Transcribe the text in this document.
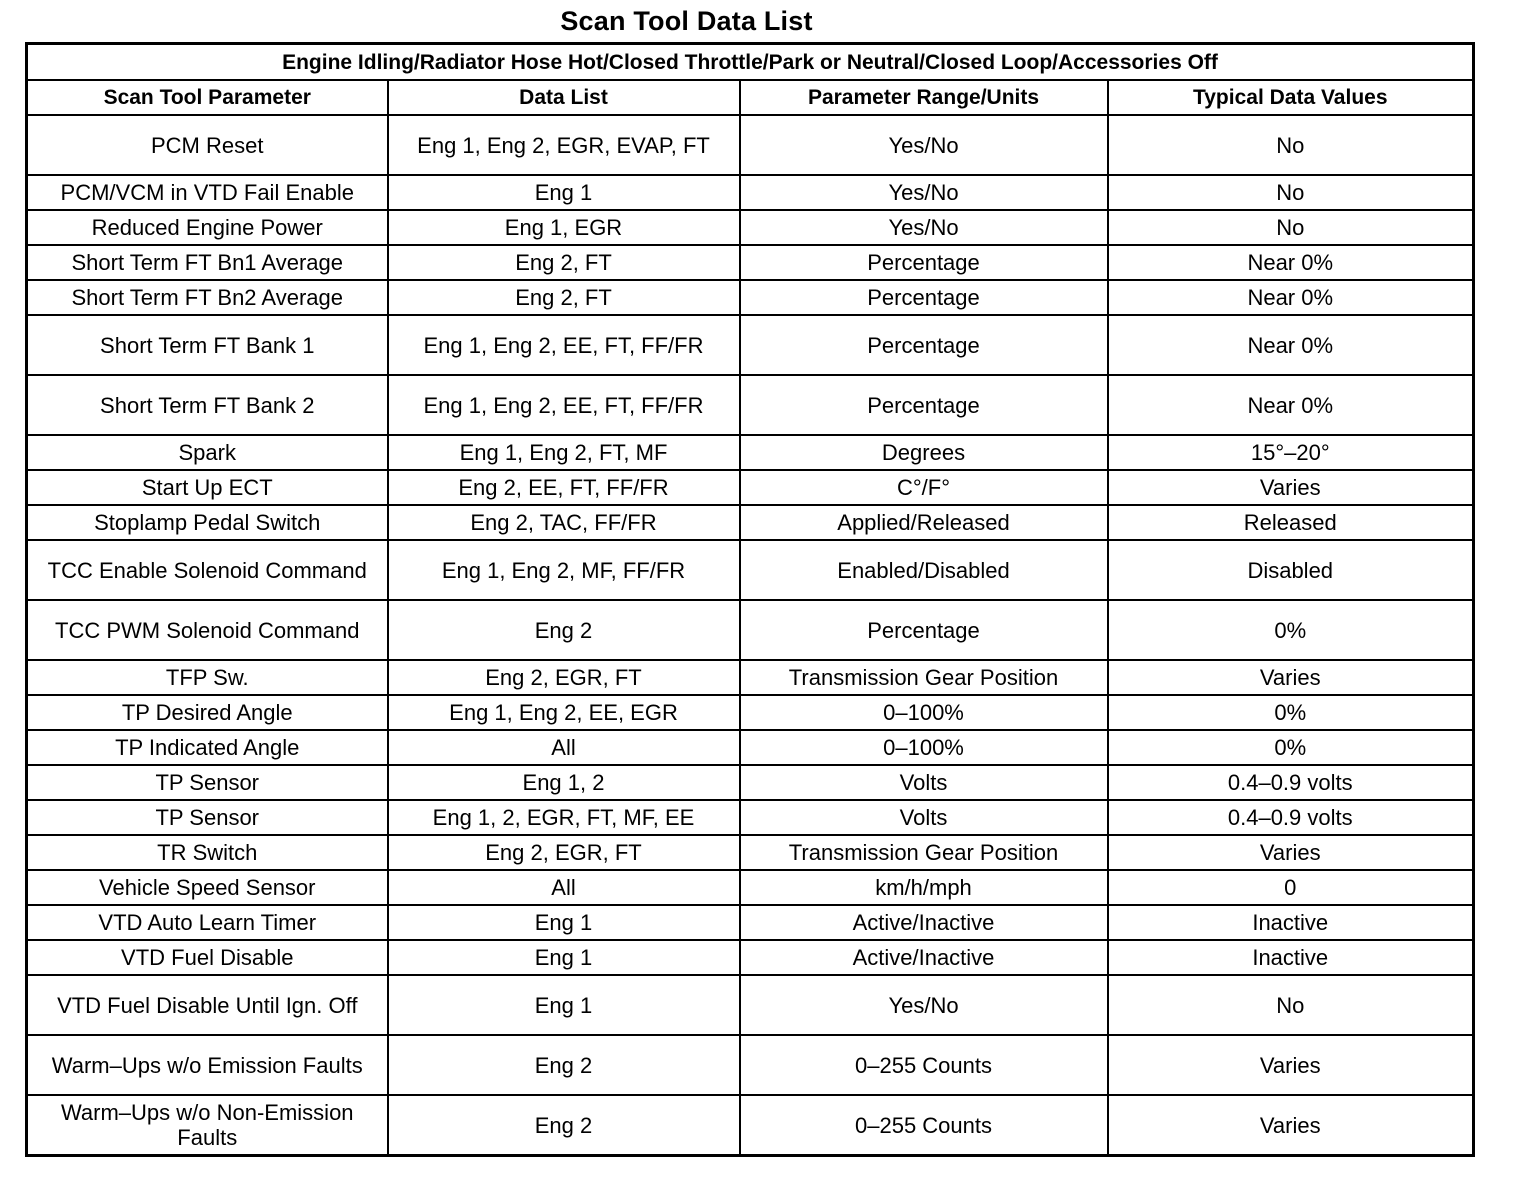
Scan Tool Data List
Engine Idling/Radiator Hose Hot/Closed Throttle/Park or Neutral/Closed Loop/Accessories Off			
Scan Tool Parameter	Data List	Parameter Range/Units	Typical Data Values
PCM Reset	Eng 1, Eng 2, EGR, EVAP, FT	Yes/No	No
PCM/VCM in VTD Fail Enable	Eng 1	Yes/No	No
Reduced Engine Power	Eng 1, EGR	Yes/No	No
Short Term FT Bn1 Average	Eng 2, FT	Percentage	Near 0%
Short Term FT Bn2 Average	Eng 2, FT	Percentage	Near 0%
Short Term FT Bank 1	Eng 1, Eng 2, EE, FT, FF/FR	Percentage	Near 0%
Short Term FT Bank 2	Eng 1, Eng 2, EE, FT, FF/FR	Percentage	Near 0%
Spark	Eng 1, Eng 2, FT, MF	Degrees	15°–20°
Start Up ECT	Eng 2, EE, FT, FF/FR	C°/F°	Varies
Stoplamp Pedal Switch	Eng 2, TAC, FF/FR	Applied/Released	Released
TCC Enable Solenoid Command	Eng 1, Eng 2, MF, FF/FR	Enabled/Disabled	Disabled
TCC PWM Solenoid Command	Eng 2	Percentage	0%
TFP Sw.	Eng 2, EGR, FT	Transmission Gear Position	Varies
TP Desired Angle	Eng 1, Eng 2, EE, EGR	0–100%	0%
TP Indicated Angle	All	0–100%	0%
TP Sensor	Eng 1, 2	Volts	0.4–0.9 volts
TP Sensor	Eng 1, 2, EGR, FT, MF, EE	Volts	0.4–0.9 volts
TR Switch	Eng 2, EGR, FT	Transmission Gear Position	Varies
Vehicle Speed Sensor	All	km/h/mph	0
VTD Auto Learn Timer	Eng 1	Active/Inactive	Inactive
VTD Fuel Disable	Eng 1	Active/Inactive	Inactive
VTD Fuel Disable Until Ign. Off	Eng 1	Yes/No	No
Warm–Ups w/o Emission Faults	Eng 2	0–255 Counts	Varies
Warm–Ups w/o Non-Emission Faults	Eng 2	0–255 Counts	Varies
